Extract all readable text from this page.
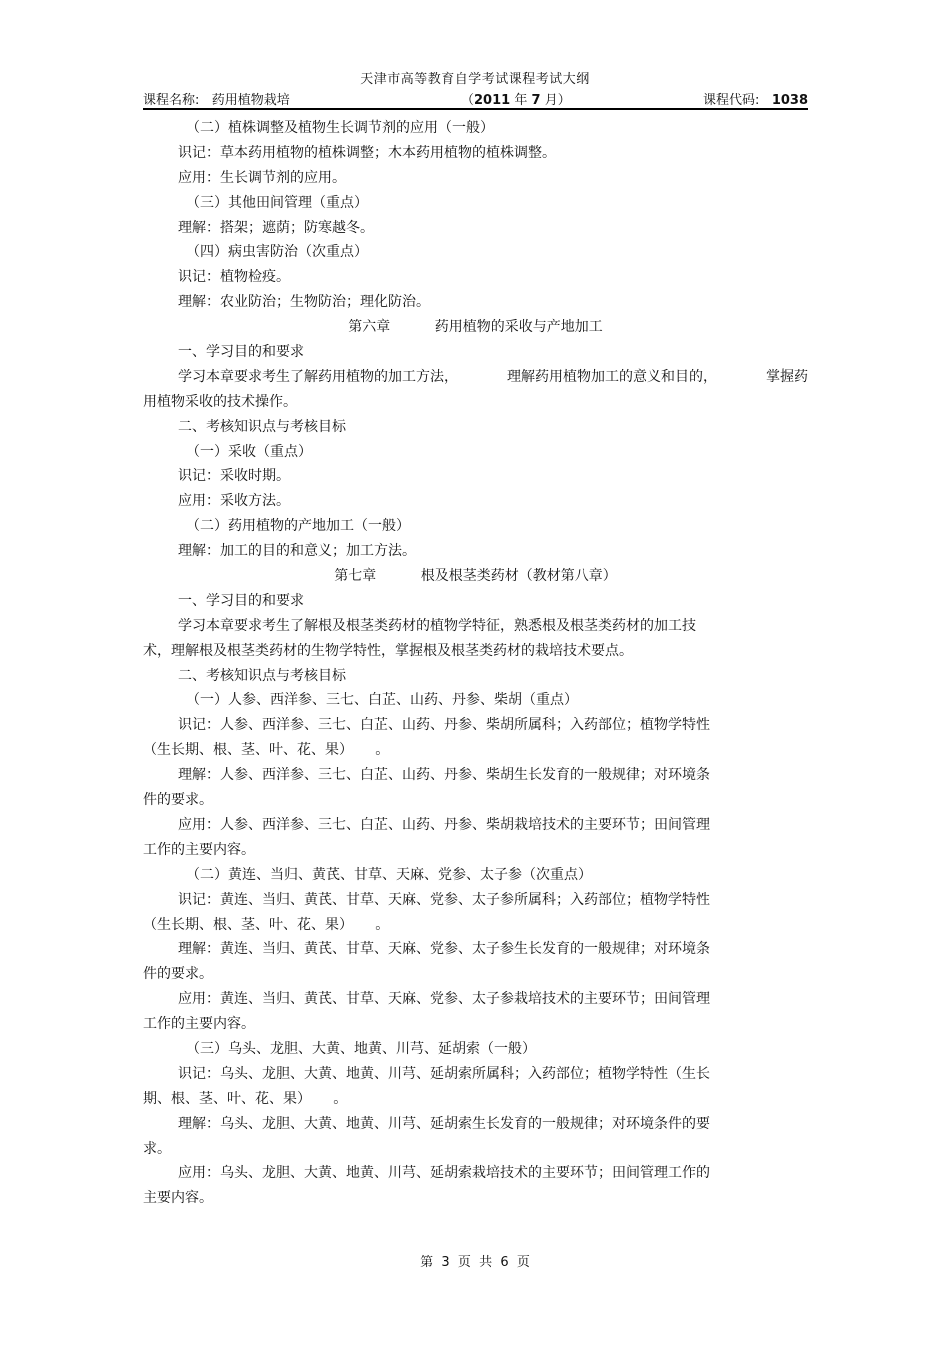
天津市高等教育自学考试课程考试大纲
课程名称: 药用植物栽培	（2011 年 7 月）	课程代码: 1038
（二）植株调整及植物生长调节剂的应用（一般）
识记：草本药用植物的植株调整；木本药用植物的植株调整。
应用：生长调节剂的应用。
（三）其他田间管理（重点）
理解：搭架；遮荫；防寒越冬。
（四）病虫害防治（次重点）
识记：植物检疫。
理解：农业防治；生物防治；理化防治。
第六章          药用植物的采收与产地加工
一、学习目的和要求
学习本章要求考生了解药用植物的加工方法，	理解药用植物加工的意义和目的，	掌握药
用植物采收的技术操作。
二、考核知识点与考核目标
（一）采收（重点）
识记：采收时期。
应用：采收方法。
（二）药用植物的产地加工（一般）
理解：加工的目的和意义；加工方法。
第七章          根及根茎类药材（教材第八章）
一、学习目的和要求
学习本章要求考生了解根及根茎类药材的植物学特征，熟悉根及根茎类药材的加工技
术，理解根及根茎类药材的生物学特性，掌握根及根茎类药材的栽培技术要点。
二、考核知识点与考核目标
（一）人参、西洋参、三七、白芷、山药、丹参、柴胡（重点）
识记：人参、西洋参、三七、白芷、山药、丹参、柴胡所属科；入药部位；植物学特性
（生长期、根、茎、叶、花、果）     。
理解：人参、西洋参、三七、白芷、山药、丹参、柴胡生长发育的一般规律；对环境条
件的要求。
应用：人参、西洋参、三七、白芷、山药、丹参、柴胡栽培技术的主要环节；田间管理
工作的主要内容。
（二）黄连、当归、黄芪、甘草、天麻、党参、太子参（次重点）
识记：黄连、当归、黄芪、甘草、天麻、党参、太子参所属科；入药部位；植物学特性
（生长期、根、茎、叶、花、果）     。
理解：黄连、当归、黄芪、甘草、天麻、党参、太子参生长发育的一般规律；对环境条
件的要求。
应用：黄连、当归、黄芪、甘草、天麻、党参、太子参栽培技术的主要环节；田间管理
工作的主要内容。
（三）乌头、龙胆、大黄、地黄、川芎、延胡索（一般）
识记：乌头、龙胆、大黄、地黄、川芎、延胡索所属科；入药部位；植物学特性（生长
期、根、茎、叶、花、果）     。
理解：乌头、龙胆、大黄、地黄、川芎、延胡索生长发育的一般规律；对环境条件的要
求。
应用：乌头、龙胆、大黄、地黄、川芎、延胡索栽培技术的主要环节；田间管理工作的
主要内容。
第  3  页  共  6  页
